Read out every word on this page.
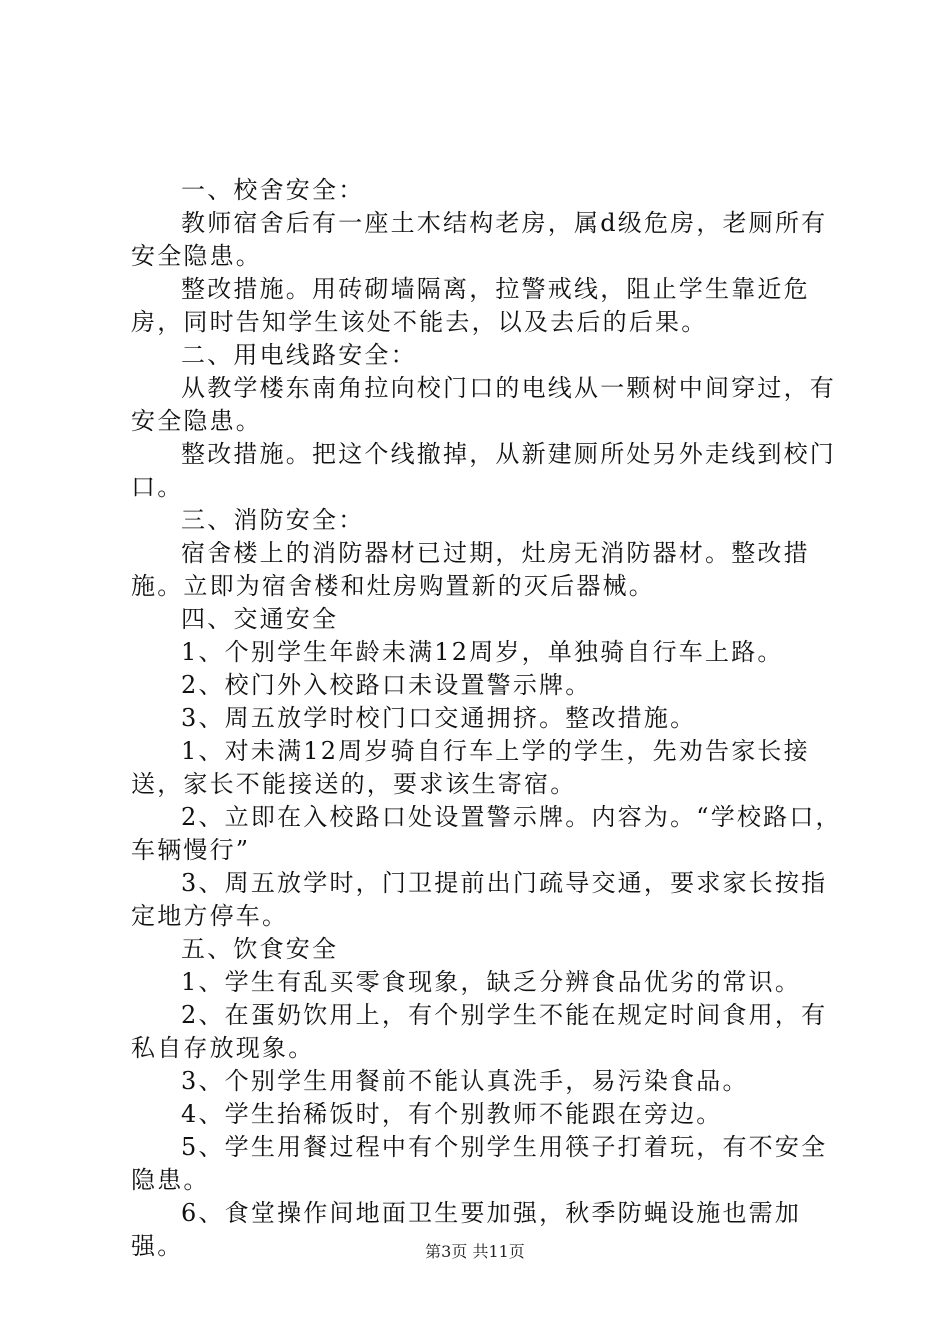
一、校舍安全：

教师宿舍后有一座土木结构老房，属d级危房，老厕所有安全隐患。

整改措施。用砖砌墙隔离，拉警戒线，阻止学生靠近危房，同时告知学生该处不能去，以及去后的后果。

二、用电线路安全：

从教学楼东南角拉向校门口的电线从一颗树中间穿过，有安全隐患。

整改措施。把这个线撤掉，从新建厕所处另外走线到校门口。

三、消防安全：

宿舍楼上的消防器材已过期，灶房无消防器材。整改措施。立即为宿舍楼和灶房购置新的灭后器械。

四、交通安全

1、个别学生年龄未满12周岁，单独骑自行车上路。

2、校门外入校路口未设置警示牌。

3、周五放学时校门口交通拥挤。整改措施。

1、对未满12周岁骑自行车上学的学生，先劝告家长接送，家长不能接送的，要求该生寄宿。

2、立即在入校路口处设置警示牌。内容为。“学校路口，车辆慢行”

3、周五放学时，门卫提前出门疏导交通，要求家长按指定地方停车。

五、饮食安全

1、学生有乱买零食现象，缺乏分辨食品优劣的常识。

2、在蛋奶饮用上，有个别学生不能在规定时间食用，有私自存放现象。

3、个别学生用餐前不能认真洗手，易污染食品。

4、学生抬稀饭时，有个别教师不能跟在旁边。

5、学生用餐过程中有个别学生用筷子打着玩，有不安全隐患。

6、食堂操作间地面卫生要加强，秋季防蝇设施也需加强。	第3页 共11页
